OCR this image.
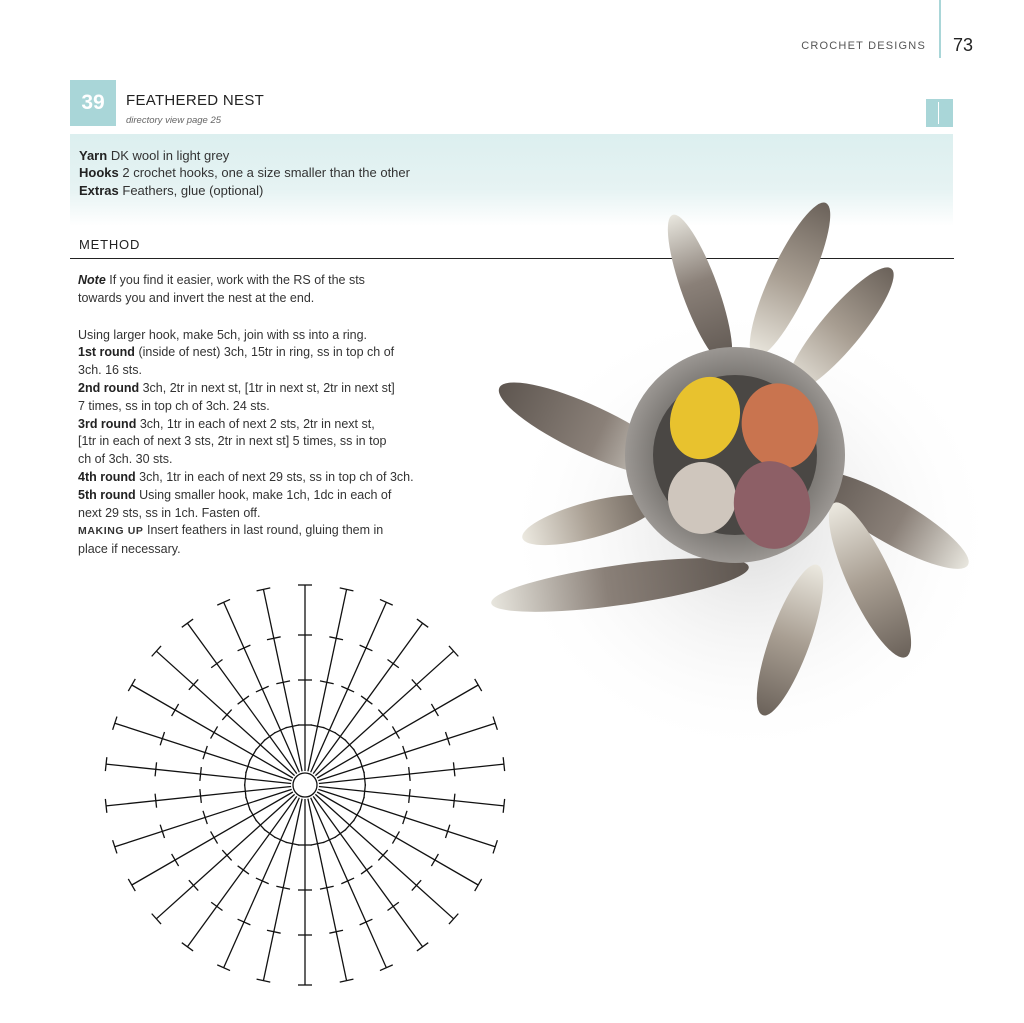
CROCHET DESIGNS 73
39	FEATHERED NEST
directory view page 25
Yarn DK wool in light grey
Hooks 2 crochet hooks, one a size smaller than the other
Extras Feathers, glue (optional)
METHOD

Note If you find it easier, work with the RS of the sts

towards you and invert the nest at the end.

Using larger hook, make 5ch, join with ss into a ring.

1st round (inside of nest) 3ch, 15tr in ring, ss in top ch of

3ch. 16 sts.

2nd round 3ch, 2tr in next st, [1tr in next st, 2tr in next st]

7 times, ss in top ch of 3ch. 24 sts.

3rd round 3ch, 1tr in each of next 2 sts, 2tr in next st,

[1tr in each of next 3 sts, 2tr in next st] 5 times, ss in top

ch of 3ch. 30 sts.

4th round 3ch, 1tr in each of next 29 sts, ss in top ch of 3ch.

5th round Using smaller hook, make 1ch, 1dc in each of

next 29 sts, ss in 1ch. Fasten off.

MAKING UP Insert feathers in last round, gluing them in

place if necessary.
